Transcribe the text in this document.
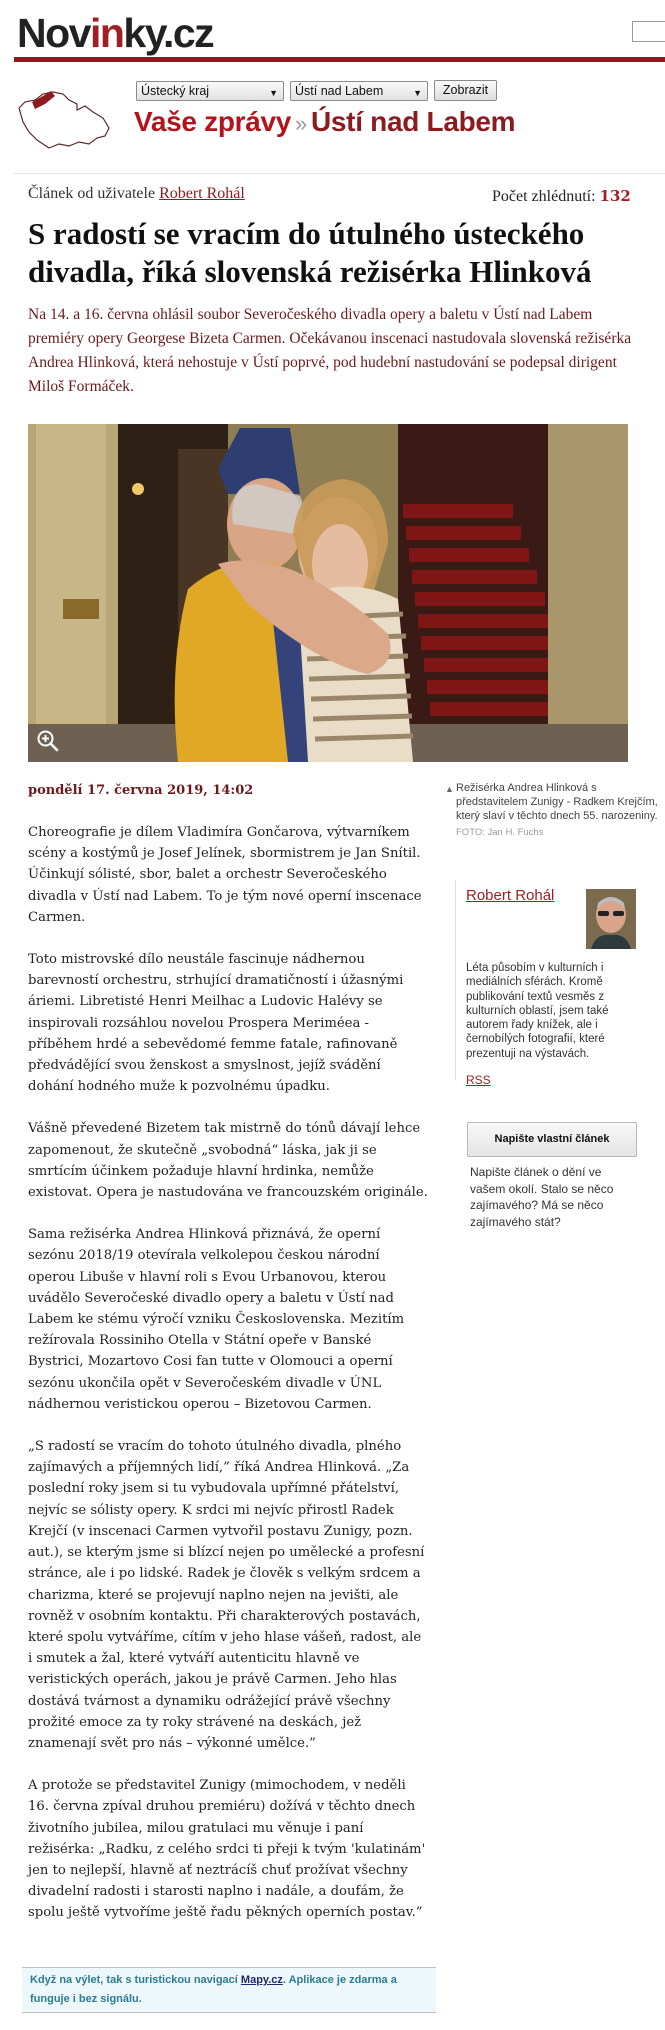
Novinky.cz
Ústecký kraj	▼	Ústí nad Labem	▼	Zobrazit
Vaše zprávy » Ústí nad Labem
Článek od uživatele Robert Rohál	Počet zhlédnutí: 132
S radostí se vracím do útulného ústeckého divadla, říká slovenská režisérka Hlinková
Na 14. a 16. června ohlásil soubor Severočeského divadla opery a baletu v Ústí nad Labem premiéry opery Georgese Bizeta Carmen. Očekávanou inscenaci nastudovala slovenská režisérka Andrea Hlinková, která nehostuje v Ústí poprvé, pod hudební nastudování se podepsal dirigent Miloš Formáček.
pondělí 17. června 2019, 14:02

Choreografie je dílem Vladimíra Gončarova, výtvarníkem scény a kostýmů je Josef Jelínek, sbormistrem je Jan Snítil. Účinkují sólisté, sbor, balet a orchestr Severočeského divadla v Ústí nad Labem. To je tým nové operní inscenace Carmen.

Toto mistrovské dílo neustále fascinuje nádhernou barevností orchestru, strhující dramatičností i úžasnými áriemi. Libretisté Henri Meilhac a Ludovic Halévy se inspirovali rozsáhlou novelou Prospera Meriméea - příběhem hrdé a sebevědomé femme fatale, rafinovaně předvádějící svou ženskost a smyslnost, jejíž svádění dohání hodného muže k pozvolnému úpadku.

Vášně převedené Bizetem tak mistrně do tónů dávají lehce zapomenout, že skutečně „svobodná“ láska, jak ji se smrtícím účinkem požaduje hlavní hrdinka, nemůže existovat. Opera je nastudována ve francouzském originále.

Sama režisérka Andrea Hlinková přiznává, že operní sezónu 2018/19 otevírala velkolepou českou národní operou Libuše v hlavní roli s Evou Urbanovou, kterou uvádělo Severočeské divadlo opery a baletu v Ústí nad Labem ke stému výročí vzniku Československa. Mezitím režírovala Rossiniho Otella v Státní opeře v Banské Bystrici, Mozartovo Cosi fan tutte v Olomouci a operní sezónu ukončila opět v Severočeském divadle v ÚNL nádhernou veristickou operou – Bizetovou Carmen.

„S radostí se vracím do tohoto útulného divadla, plného zajímavých a příjemných lidí,” říká Andrea Hlinková. „Za poslední roky jsem si tu vybudovala upřímné přátelství, nejvíc se sólisty opery. K srdci mi nejvíc přirostl Radek Krejčí (v inscenaci Carmen vytvořil postavu Zunigy, pozn. aut.), se kterým jsme si blízcí nejen po umělecké a profesní stránce, ale i po lidské. Radek je člověk s velkým srdcem a charizma, které se projevují naplno nejen na jevišti, ale rovněž v osobním kontaktu. Při charakterových postavách, které spolu vytváříme, cítím v jeho hlase vášeň, radost, ale i smutek a žal, které vytváří autenticitu hlavně ve veristických operách, jakou je právě Carmen. Jeho hlas dostává tvárnost a dynamiku odrážející právě všechny prožité emoce za ty roky strávené na deskách, jež znamenají svět pro nás – výkonné umělce.”

A protože se představitel Zunigy (mimochodem, v neděli 16. června zpíval druhou premiéru) dožívá v těchto dnech životního jubilea, milou gratulaci mu věnuje i paní režisérka: „Radku, z celého srdci ti přeji k tvým 'kulatinám' jen to nejlepší, hlavně ať neztrácíš chuť prožívat všechny divadelní radosti i starosti naplno i nadále, a doufám, že spolu ještě vytvoříme ještě řadu pěkných operních postav.”

▲ Režisérka Andrea Hlinková s představitelem Zunigy - Radkem Krejčím, který slaví v těchto dnech 55. narozeniny.
FOTO: Jan H. Fuchs
Robert Rohál
Léta působím v kulturních i mediálních sférách. Kromě publikování textů vesměs z kulturních oblastí, jsem také autorem řady knížek, ale i černobílých fotografií, které prezentuji na výstavách.
RSS
Napište vlastní článek
Napište článek o dění ve vašem okolí. Stalo se něco zajímavého? Má se něco zajímavého stát?
Když na výlet, tak s turistickou navigací Mapy.cz. Aplikace je zdarma a funguje i bez signálu.
